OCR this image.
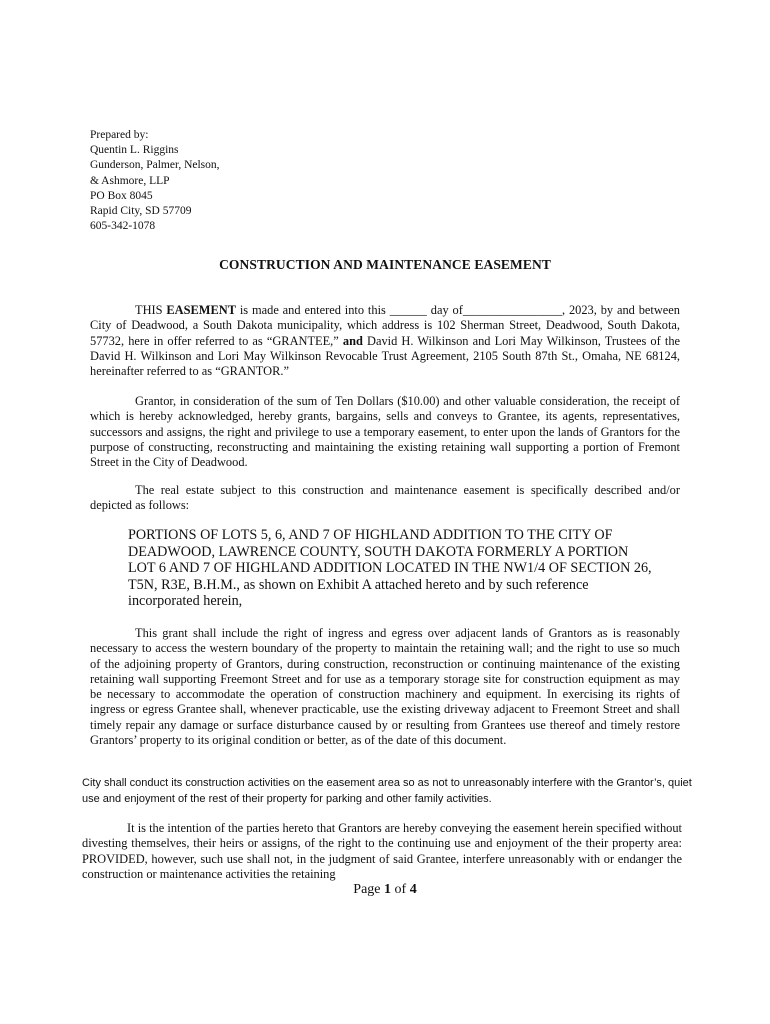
Prepared by:
Quentin L. Riggins
Gunderson, Palmer, Nelson,
& Ashmore, LLP
PO Box 8045
Rapid City, SD 57709
605-342-1078
CONSTRUCTION AND MAINTENANCE EASEMENT
THIS EASEMENT is made and entered into this ______ day of________________, 2023, by and between City of Deadwood, a South Dakota municipality, which address is 102 Sherman Street, Deadwood, South Dakota, 57732, here in offer referred to as “GRANTEE,” and David H. Wilkinson and Lori May Wilkinson, Trustees of the David H. Wilkinson and Lori May Wilkinson Revocable Trust Agreement, 2105 South 87th St., Omaha, NE 68124, hereinafter referred to as “GRANTOR.”
Grantor, in consideration of the sum of Ten Dollars ($10.00) and other valuable consideration, the receipt of which is hereby acknowledged, hereby grants, bargains, sells and conveys to Grantee, its agents, representatives, successors and assigns, the right and privilege to use a temporary easement, to enter upon the lands of Grantors for the purpose of constructing, reconstructing and maintaining the existing retaining wall supporting a portion of Fremont Street in the City of Deadwood.
The real estate subject to this construction and maintenance easement is specifically described and/or depicted as follows:
PORTIONS OF LOTS 5, 6, AND 7 OF HIGHLAND ADDITION TO THE CITY OF DEADWOOD, LAWRENCE COUNTY, SOUTH DAKOTA FORMERLY A PORTION LOT 6 AND 7 OF HIGHLAND ADDITION LOCATED IN THE NW1/4 OF SECTION 26, T5N, R3E, B.H.M., as shown on Exhibit A attached hereto and by such reference incorporated herein,
This grant shall include the right of ingress and egress over adjacent lands of Grantors as is reasonably necessary to access the western boundary of the property to maintain the retaining wall; and the right to use so much of the adjoining property of Grantors, during construction, reconstruction or continuing maintenance of the existing retaining wall supporting Freemont Street and for use as a temporary storage site for construction equipment as may be necessary to accommodate the operation of construction machinery and equipment. In exercising its rights of ingress or egress Grantee shall, whenever practicable, use the existing driveway adjacent to Freemont Street and shall timely repair any damage or surface disturbance caused by or resulting from Grantees use thereof and timely restore Grantors’ property to its original condition or better, as of the date of this document.
City shall conduct its construction activities on the easement area so as not to unreasonably interfere with the Grantor’s, quiet use and enjoyment of the rest of their property for parking and other family activities.
It is the intention of the parties hereto that Grantors are hereby conveying the easement herein specified without divesting themselves, their heirs or assigns, of the right to the continuing use and enjoyment of the their property area: PROVIDED, however, such use shall not, in the judgment of said Grantee, interfere unreasonably with or endanger the construction or maintenance activities the retaining
Page 1 of 4
